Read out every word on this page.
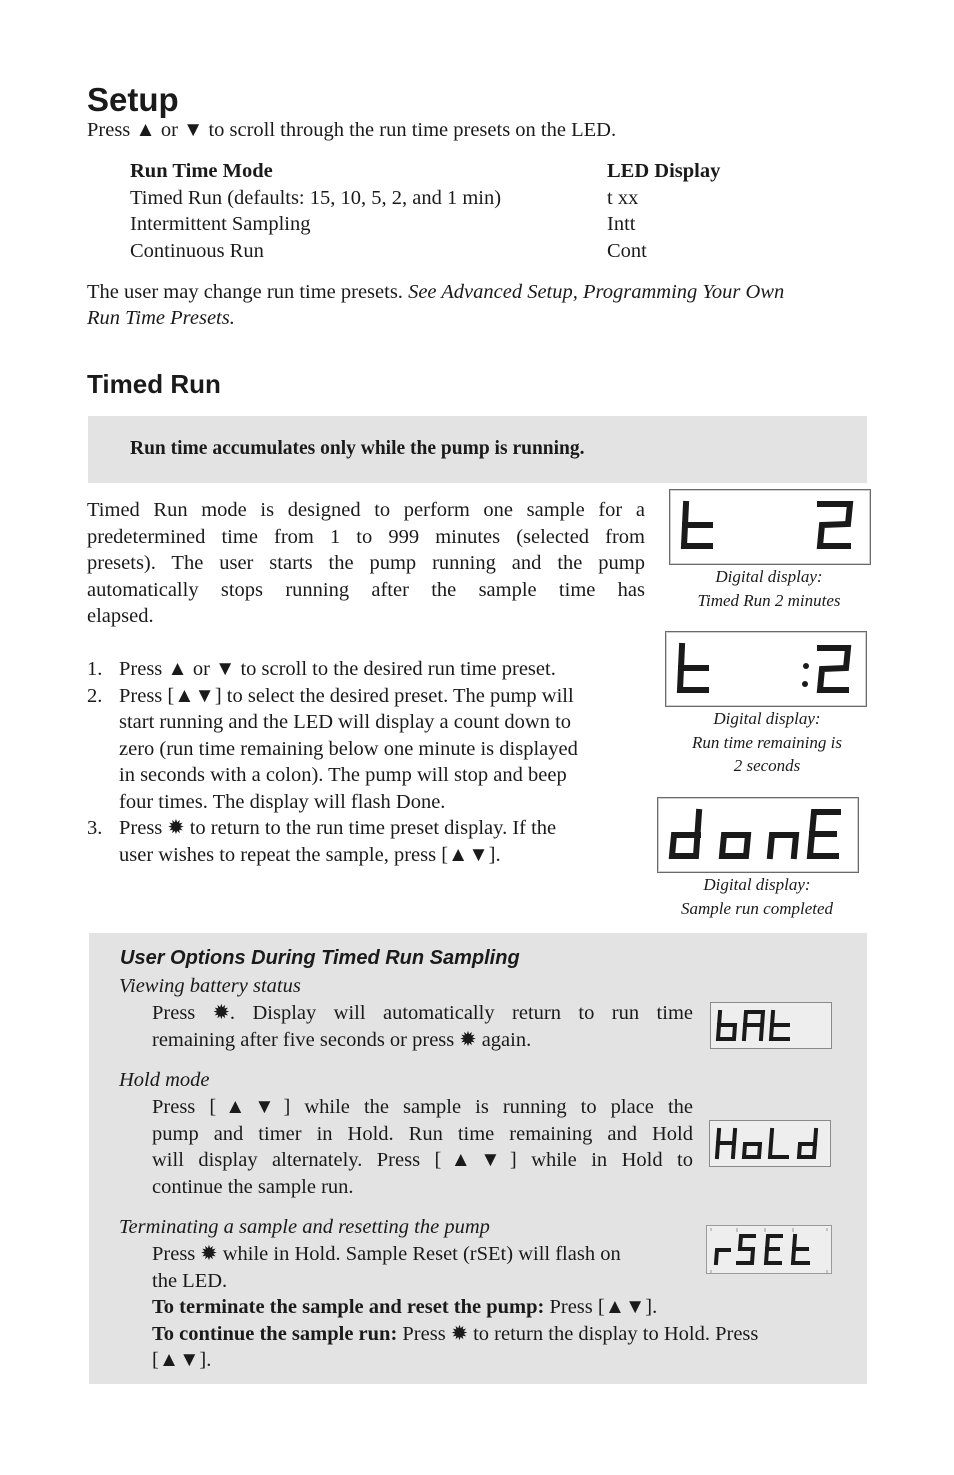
Setup
Press ▲ or ▼ to scroll through the run time presets on the LED.
Run Time Mode	LED Display
Timed Run (defaults: 15, 10, 5, 2, and 1 min)	t xx
Intermittent Sampling	Intt
Continuous Run	Cont
The user may change run time presets. See Advanced Setup, Programming Your Own
Run Time Presets.
Timed Run
Run time accumulates only while the pump is running.
Timed Run mode is designed to perform one sample for a
predetermined time from 1 to 999 minutes (selected from
presets). The user starts the pump running and the pump
automatically stops running after the sample time has
elapsed.
1. Press ▲ or ▼ to scroll to the desired run time preset.
2. Press [▲▼] to select the desired preset. The pump will
start running and the LED will display a count down to
zero (run time remaining below one minute is displayed
in seconds with a colon). The pump will stop and beep
four times. The display will flash Done.
3. Press ✹ to return to the run time preset display. If the
user wishes to repeat the sample, press [▲▼].
Digital display:
Timed Run 2 minutes
Digital display:
Run time remaining is
2 seconds
Digital display:
Sample run completed
User Options During Timed Run Sampling
Viewing battery status
Press ✹. Display will automatically return to run time
remaining after five seconds or press ✹ again.
Hold mode
Press [▲▼] while the sample is running to place the
pump and timer in Hold. Run time remaining and Hold
will display alternately. Press [▲▼] while in Hold to
continue the sample run.
Terminating a sample and resetting the pump
Press ✹ while in Hold. Sample Reset (rSEt) will flash on
the LED.
To terminate the sample and reset the pump: Press [▲▼].
To continue the sample run: Press ✹ to return the display to Hold. Press
[▲▼].
